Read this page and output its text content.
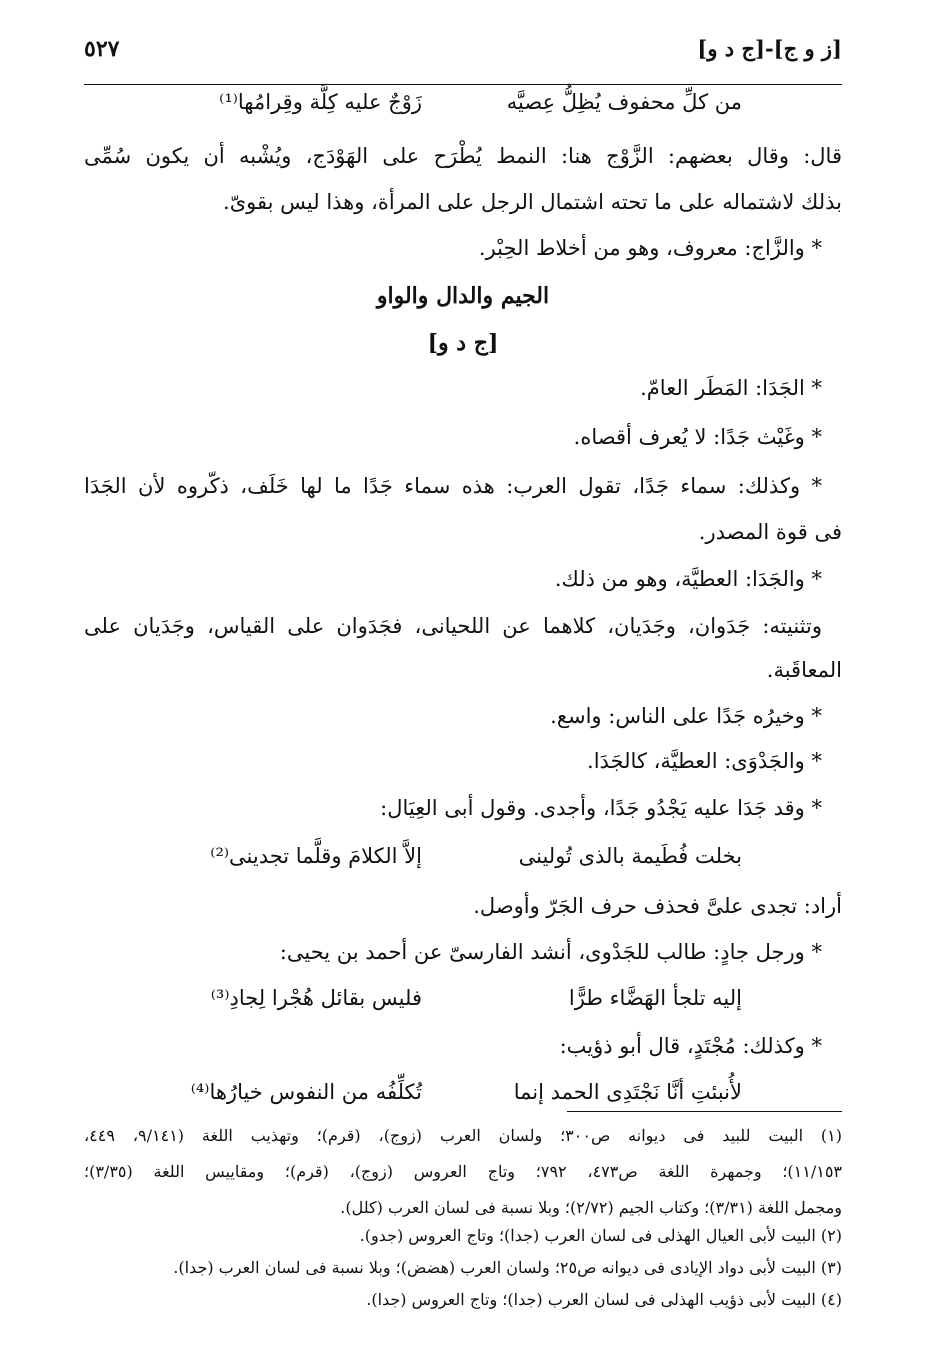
[ز و ج]-[ج د و]
٥٢٧
من كلِّ محفوف يُظِلُّ عِصيَّه
زَوْجٌ عليه كِلَّة وقِرامُها⁽¹⁾
قال: وقال بعضهم: الزَّوْج هنا: النمط يُطْرَح على الهَوْدَج، ويُشْبه أن يكون سُمِّى
بذلك لاشتماله على ما تحته اشتمال الرجل على المرأة، وهذا ليس بقوىّ.
* والزَّاج: معروف، وهو من أخلاط الحِبْر.
الجيم والدال والواو
[ج د و]
* الجَدَا: المَطَر العامّ.
* وغَيْث جَدًا: لا يُعرف أقصاه.
* وكذلك: سماء جَدًا، تقول العرب: هذه سماء جَدًا ما لها خَلَف، ذكّروه لأن الجَدَا
فى قوة المصدر.
* والجَدَا: العطيَّة، وهو من ذلك.
وتثنيته: جَدَوان، وجَدَيان، كلاهما عن اللحيانى، فجَدَوان على القياس، وجَدَيان على
المعاقَبة.
* وخيرُه جَدًا على الناس: واسع.
* والجَدْوَى: العطيَّة، كالجَدَا.
* وقد جَدَا عليه يَجْدُو جَدًا، وأجدى. وقول أبى العِيَال:
بخلت فُطَيمة بالذى تُولينى
إلاَّ الكلامَ وقلَّما تجدينى⁽²⁾
أراد: تجدى علىَّ فحذف حرف الجَرّ وأوصل.
* ورجل جادٍ: طالب للجَدْوى، أنشد الفارسىّ عن أحمد بن يحيى:
إليه تلجأ الهَضَّاء طرًّا
فليس بقائل هُجْرا لِجادِ⁽³⁾
* وكذلك: مُجْتَدٍ، قال أبو ذؤيب:
لأُنبئتِ أنَّا نَجْتَدِى الحمد إنما
تُكلِّفُه من النفوس خيارُها⁽⁴⁾
(١) البيت للبيد فى ديوانه ص٣٠٠؛ ولسان العرب (زوج)، (قرم)؛ وتهذيب اللغة (٩/١٤١، ٤٤٩،
١١/١٥٣)؛ وجمهرة اللغة ص٤٧٣، ٧٩٢؛ وتاج العروس (زوج)، (قرم)؛ ومقاييس اللغة (٣/٣٥)؛
ومجمل اللغة (٣/٣١)؛ وكتاب الجيم (٢/٧٢)؛ وبلا نسبة فى لسان العرب (كلل).
(٢) البيت لأبى العيال الهذلى فى لسان العرب (جدا)؛ وتاج العروس (جدو).
(٣) البيت لأبى دواد الإيادى فى ديوانه ص٢٥؛ ولسان العرب (هضض)؛ وبلا نسبة فى لسان العرب (جدا).
(٤) البيت لأبى ذؤيب الهذلى فى لسان العرب (جدا)؛ وتاج العروس (جدا).
